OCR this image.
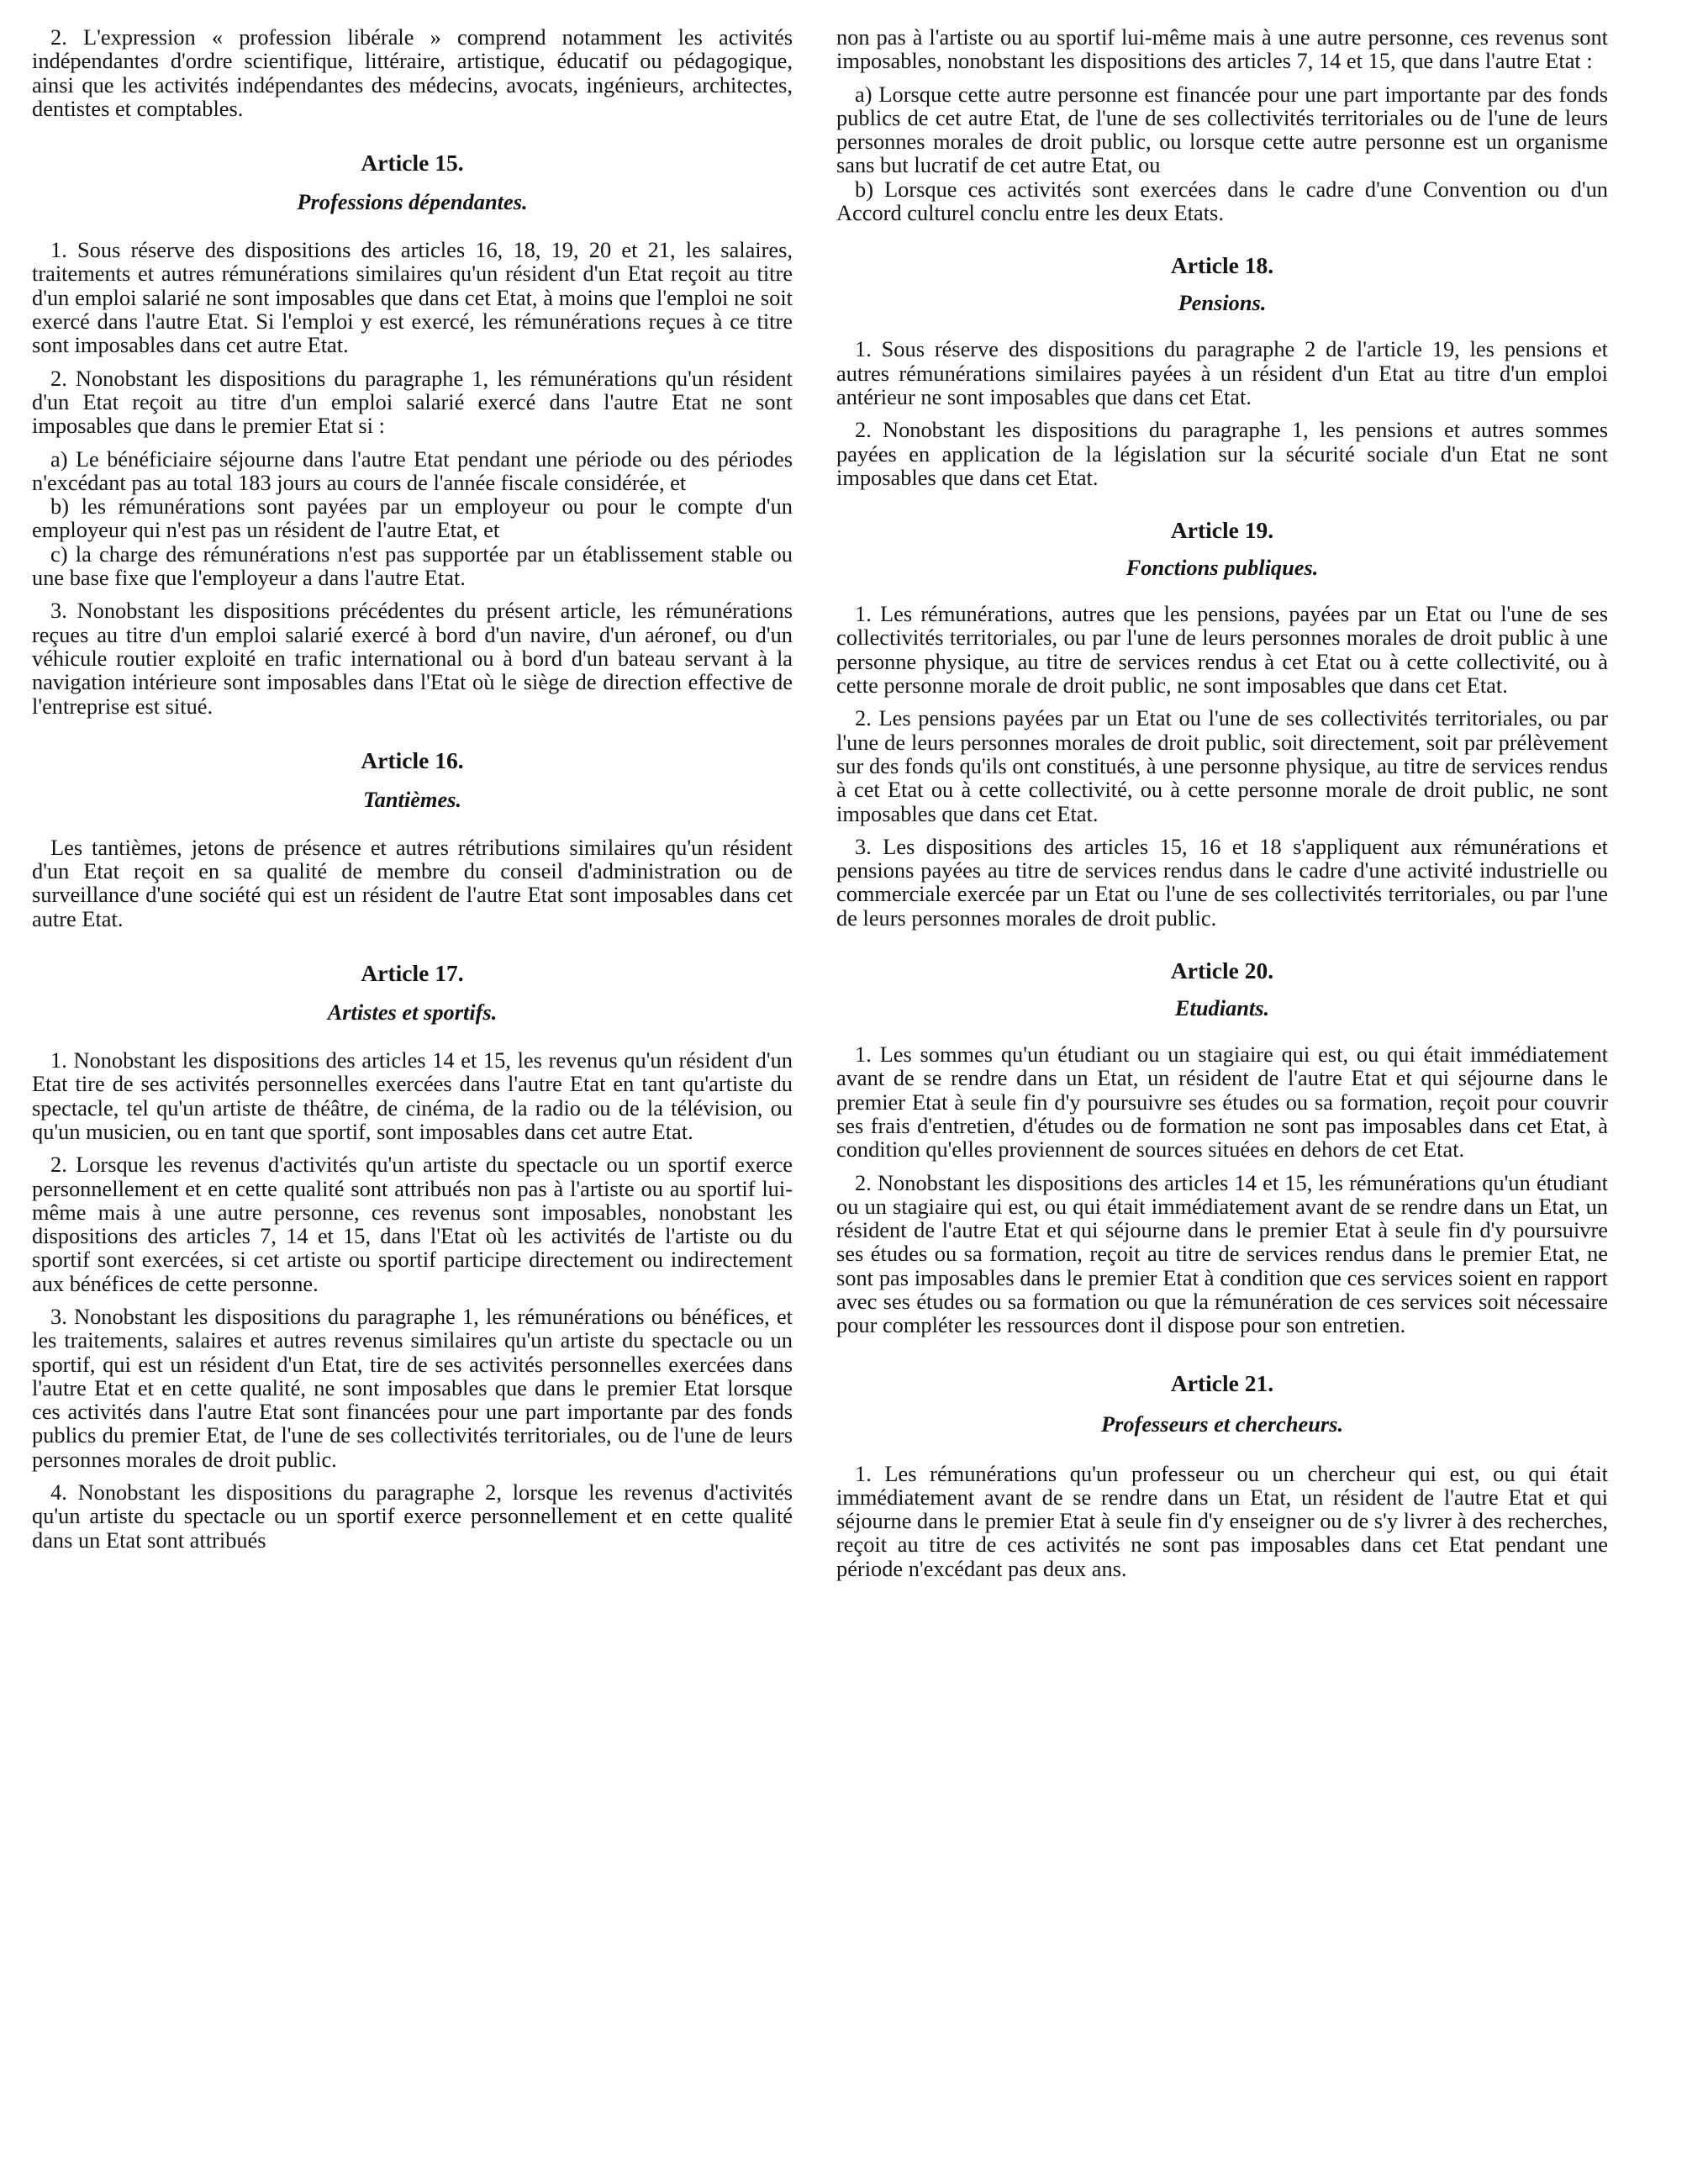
2. L'expression « profession libérale » comprend notamment les activités indépendantes d'ordre scientifique, littéraire, artistique, éducatif ou pédagogique, ainsi que les activités indépendantes des médecins, avocats, ingénieurs, architectes, dentistes et comptables.

Article 15.
Professions dépendantes.

1. Sous réserve des dispositions des articles 16, 18, 19, 20 et 21, les salaires, traitements et autres rémunérations similaires qu'un résident d'un Etat reçoit au titre d'un emploi salarié ne sont imposables que dans cet Etat, à moins que l'emploi ne soit exercé dans l'autre Etat. Si l'emploi y est exercé, les rémunérations reçues à ce titre sont imposables dans cet autre Etat.

2. Nonobstant les dispositions du paragraphe 1, les rémunérations qu'un résident d'un Etat reçoit au titre d'un emploi salarié exercé dans l'autre Etat ne sont imposables que dans le premier Etat si :

a) Le bénéficiaire séjourne dans l'autre Etat pendant une période ou des périodes n'excédant pas au total 183 jours au cours de l'année fiscale considérée, et

b) les rémunérations sont payées par un employeur ou pour le compte d'un employeur qui n'est pas un résident de l'autre Etat, et

c) la charge des rémunérations n'est pas supportée par un établissement stable ou une base fixe que l'employeur a dans l'autre Etat.

3. Nonobstant les dispositions précédentes du présent article, les rémunérations reçues au titre d'un emploi salarié exercé à bord d'un navire, d'un aéronef, ou d'un véhicule routier exploité en trafic international ou à bord d'un bateau servant à la navigation intérieure sont imposables dans l'Etat où le siège de direction effective de l'entreprise est situé.

Article 16.
Tantièmes.

Les tantièmes, jetons de présence et autres rétributions similaires qu'un résident d'un Etat reçoit en sa qualité de membre du conseil d'administration ou de surveillance d'une société qui est un résident de l'autre Etat sont imposables dans cet autre Etat.

Article 17.
Artistes et sportifs.

1. Nonobstant les dispositions des articles 14 et 15, les revenus qu'un résident d'un Etat tire de ses activités personnelles exercées dans l'autre Etat en tant qu'artiste du spectacle, tel qu'un artiste de théâtre, de cinéma, de la radio ou de la télévision, ou qu'un musicien, ou en tant que sportif, sont imposables dans cet autre Etat.

2. Lorsque les revenus d'activités qu'un artiste du spectacle ou un sportif exerce personnellement et en cette qualité sont attribués non pas à l'artiste ou au sportif lui-même mais à une autre personne, ces revenus sont imposables, nonobstant les dispositions des articles 7, 14 et 15, dans l'Etat où les activités de l'artiste ou du sportif sont exercées, si cet artiste ou sportif participe directement ou indirectement aux bénéfices de cette personne.

3. Nonobstant les dispositions du paragraphe 1, les rémunérations ou bénéfices, et les traitements, salaires et autres revenus similaires qu'un artiste du spectacle ou un sportif, qui est un résident d'un Etat, tire de ses activités personnelles exercées dans l'autre Etat et en cette qualité, ne sont imposables que dans le premier Etat lorsque ces activités dans l'autre Etat sont financées pour une part importante par des fonds publics du premier Etat, de l'une de ses collectivités territoriales, ou de l'une de leurs personnes morales de droit public.

4. Nonobstant les dispositions du paragraphe 2, lorsque les revenus d'activités qu'un artiste du spectacle ou un sportif exerce personnellement et en cette qualité dans un Etat sont attribués

non pas à l'artiste ou au sportif lui-même mais à une autre personne, ces revenus sont imposables, nonobstant les dispositions des articles 7, 14 et 15, que dans l'autre Etat :

a) Lorsque cette autre personne est financée pour une part importante par des fonds publics de cet autre Etat, de l'une de ses collectivités territoriales ou de l'une de leurs personnes morales de droit public, ou lorsque cette autre personne est un organisme sans but lucratif de cet autre Etat, ou

b) Lorsque ces activités sont exercées dans le cadre d'une Convention ou d'un Accord culturel conclu entre les deux Etats.

Article 18.
Pensions.

1. Sous réserve des dispositions du paragraphe 2 de l'article 19, les pensions et autres rémunérations similaires payées à un résident d'un Etat au titre d'un emploi antérieur ne sont imposables que dans cet Etat.

2. Nonobstant les dispositions du paragraphe 1, les pensions et autres sommes payées en application de la législation sur la sécurité sociale d'un Etat ne sont imposables que dans cet Etat.

Article 19.
Fonctions publiques.

1. Les rémunérations, autres que les pensions, payées par un Etat ou l'une de ses collectivités territoriales, ou par l'une de leurs personnes morales de droit public à une personne physique, au titre de services rendus à cet Etat ou à cette collectivité, ou à cette personne morale de droit public, ne sont imposables que dans cet Etat.

2. Les pensions payées par un Etat ou l'une de ses collectivités territoriales, ou par l'une de leurs personnes morales de droit public, soit directement, soit par prélèvement sur des fonds qu'ils ont constitués, à une personne physique, au titre de services rendus à cet Etat ou à cette collectivité, ou à cette personne morale de droit public, ne sont imposables que dans cet Etat.

3. Les dispositions des articles 15, 16 et 18 s'appliquent aux rémunérations et pensions payées au titre de services rendus dans le cadre d'une activité industrielle ou commerciale exercée par un Etat ou l'une de ses collectivités territoriales, ou par l'une de leurs personnes morales de droit public.

Article 20.
Etudiants.

1. Les sommes qu'un étudiant ou un stagiaire qui est, ou qui était immédiatement avant de se rendre dans un Etat, un résident de l'autre Etat et qui séjourne dans le premier Etat à seule fin d'y poursuivre ses études ou sa formation, reçoit pour couvrir ses frais d'entretien, d'études ou de formation ne sont pas imposables dans cet Etat, à condition qu'elles proviennent de sources situées en dehors de cet Etat.

2. Nonobstant les dispositions des articles 14 et 15, les rémunérations qu'un étudiant ou un stagiaire qui est, ou qui était immédiatement avant de se rendre dans un Etat, un résident de l'autre Etat et qui séjourne dans le premier Etat à seule fin d'y poursuivre ses études ou sa formation, reçoit au titre de services rendus dans le premier Etat, ne sont pas imposables dans le premier Etat à condition que ces services soient en rapport avec ses études ou sa formation ou que la rémunération de ces services soit nécessaire pour compléter les ressources dont il dispose pour son entretien.

Article 21.
Professeurs et chercheurs.

1. Les rémunérations qu'un professeur ou un chercheur qui est, ou qui était immédiatement avant de se rendre dans un Etat, un résident de l'autre Etat et qui séjourne dans le premier Etat à seule fin d'y enseigner ou de s'y livrer à des recherches, reçoit au titre de ces activités ne sont pas imposables dans cet Etat pendant une période n'excédant pas deux ans.
